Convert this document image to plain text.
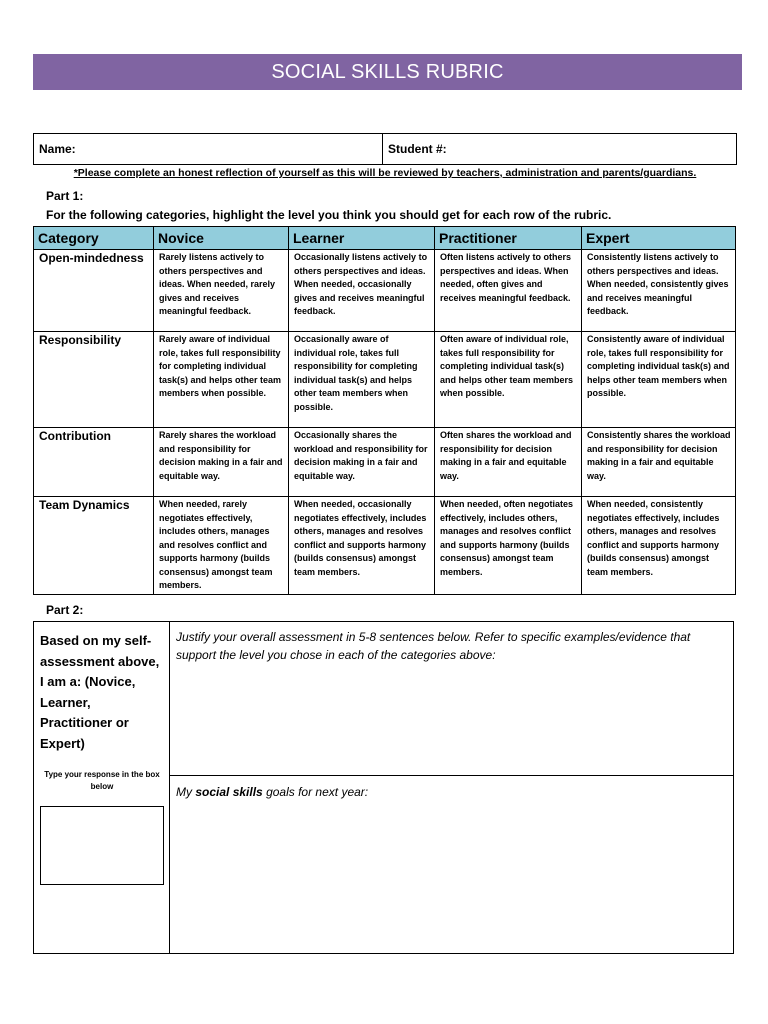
SOCIAL SKILLS RUBRIC
Name:	Student #:
*Please complete an honest reflection of yourself as this will be reviewed by teachers, administration and parents/guardians.
Part 1:
For the following categories, highlight the level you think you should get for each row of the rubric.
Category	Novice	Learner	Practitioner	Expert
Open-mindedness	Rarely listens actively to others perspectives and ideas. When needed, rarely gives and receives meaningful feedback.	Occasionally listens actively to others perspectives and ideas. When needed, occasionally gives and receives meaningful feedback.	Often listens actively to others perspectives and ideas. When needed, often gives and receives meaningful feedback.	Consistently listens actively to others perspectives and ideas. When needed, consistently gives and receives meaningful feedback.
Responsibility	Rarely aware of individual role, takes full responsibility for completing individual task(s) and helps other team members when possible.	Occasionally aware of individual role, takes full responsibility for completing individual task(s) and helps other team members when possible.	Often aware of individual role, takes full responsibility for completing individual task(s) and helps other team members when possible.	Consistently aware of individual role, takes full responsibility for completing individual task(s) and helps other team members when possible.
Contribution	Rarely shares the workload and responsibility for decision making in a fair and equitable way.	Occasionally shares the workload and responsibility for decision making in a fair and equitable way.	Often shares the workload and responsibility for decision making in a fair and equitable way.	Consistently shares the workload and responsibility for decision making in a fair and equitable way.
Team Dynamics	When needed, rarely negotiates effectively, includes others, manages and resolves conflict and supports harmony (builds consensus) amongst team members.	When needed, occasionally negotiates effectively, includes others, manages and resolves conflict and supports harmony (builds consensus) amongst team members.	When needed, often negotiates effectively, includes others, manages and resolves conflict and supports harmony (builds consensus) amongst team members.	When needed, consistently negotiates effectively, includes others, manages and resolves conflict and supports harmony (builds consensus) amongst team members.
Part 2:
Based on my self-assessment above, I am a: (Novice, Learner, Practitioner or Expert)
Type your response in the box below
Justify your overall assessment in 5-8 sentences below. Refer to specific examples/evidence that support the level you chose in each of the categories above:
My social skills goals for next year:
